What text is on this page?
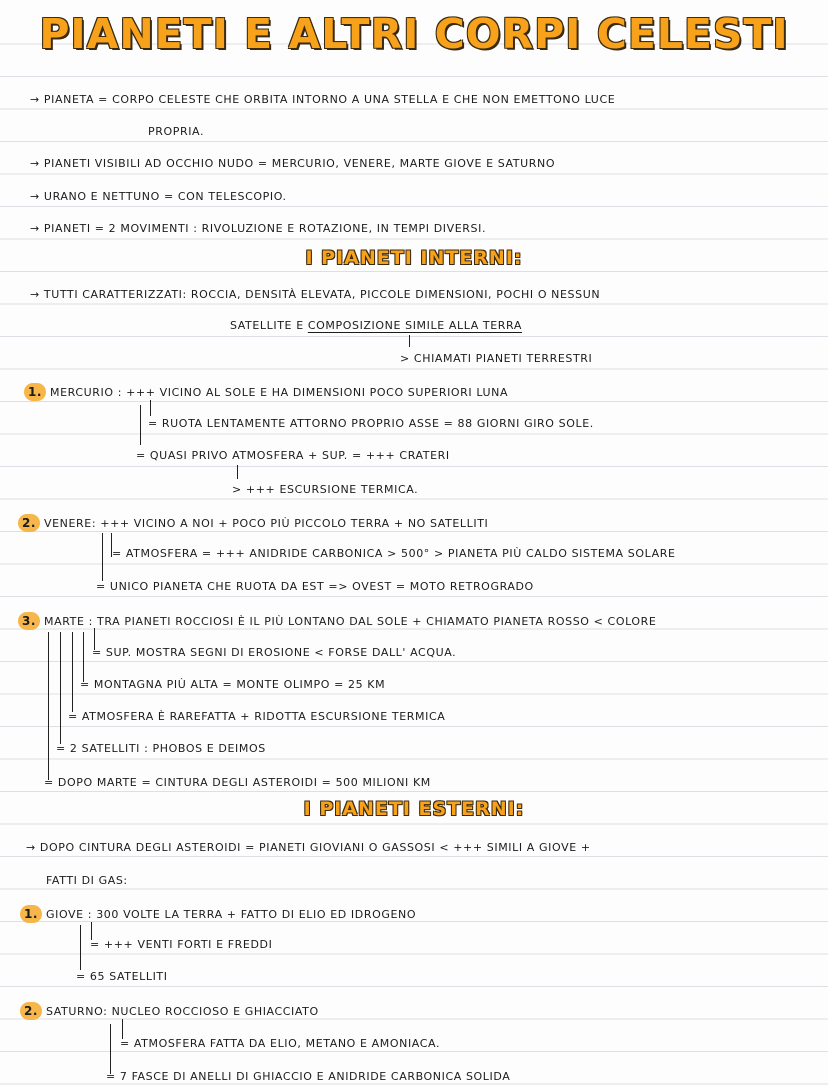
PIANETI E ALTRI CORPI CELESTI
→ PIANETA = CORPO CELESTE CHE ORBITA INTORNO A UNA STELLA E CHE NON EMETTONO LUCE
PROPRIA.
→ PIANETI VISIBILI AD OCCHIO NUDO = MERCURIO, VENERE, MARTE GIOVE E SATURNO
→ URANO E NETTUNO = CON TELESCOPIO.
→ PIANETI = 2 MOVIMENTI : RIVOLUZIONE E ROTAZIONE, IN TEMPI DIVERSI.
I PIANETI INTERNI:
→ TUTTI CARATTERIZZATI: ROCCIA, DENSITÀ ELEVATA, PICCOLE DIMENSIONI, POCHI O NESSUN
SATELLITE E COMPOSIZIONE SIMILE ALLA TERRA
> CHIAMATI PIANETI TERRESTRI
1. MERCURIO : +++ VICINO AL SOLE E HA DIMENSIONI POCO SUPERIORI LUNA
= RUOTA LENTAMENTE ATTORNO PROPRIO ASSE = 88 GIORNI GIRO SOLE.
= QUASI PRIVO ATMOSFERA + SUP. = +++ CRATERI
> +++ ESCURSIONE TERMICA.
2. VENERE: +++ VICINO A NOI + POCO PIÙ PICCOLO TERRA + NO SATELLITI
= ATMOSFERA = +++ ANIDRIDE CARBONICA > 500° > PIANETA PIÙ CALDO SISTEMA SOLARE
= UNICO PIANETA CHE RUOTA DA EST => OVEST = MOTO RETROGRADO
3. MARTE : TRA PIANETI ROCCIOSI È IL PIÙ LONTANO DAL SOLE + CHIAMATO PIANETA ROSSO < COLORE
= SUP. MOSTRA SEGNI DI EROSIONE < FORSE DALL' ACQUA.
= MONTAGNA PIÙ ALTA = MONTE OLIMPO = 25 KM
= ATMOSFERA È RAREFATTA + RIDOTTA ESCURSIONE TERMICA
= 2 SATELLITI : PHOBOS E DEIMOS
= DOPO MARTE = CINTURA DEGLI ASTEROIDI = 500 MILIONI KM
I PIANETI ESTERNI:
→ DOPO CINTURA DEGLI ASTEROIDI = PIANETI GIOVIANI O GASSOSI < +++ SIMILI A GIOVE +
FATTI DI GAS:
1. GIOVE : 300 VOLTE LA TERRA + FATTO DI ELIO ED IDROGENO
= +++ VENTI FORTI E FREDDI
= 65 SATELLITI
2. SATURNO: NUCLEO ROCCIOSO E GHIACCIATO
= ATMOSFERA FATTA DA ELIO, METANO E AMONIACA.
= 7 FASCE DI ANELLI DI GHIACCIO E ANIDRIDE CARBONICA SOLIDA
